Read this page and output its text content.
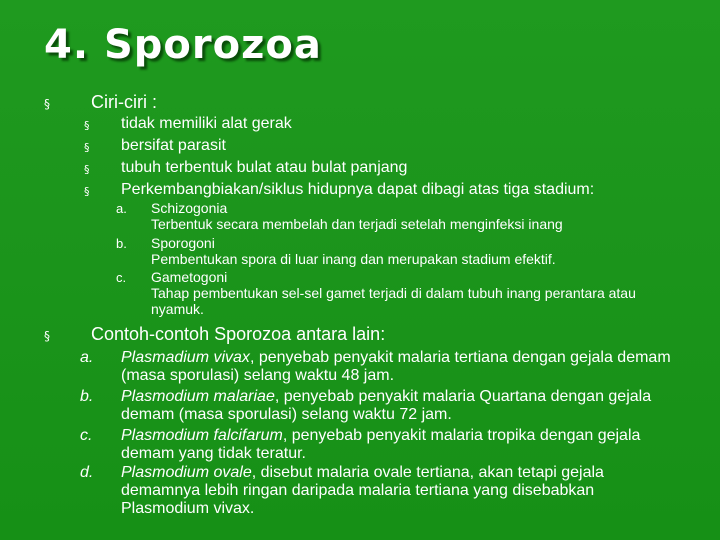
4. Sporozoa
§ Ciri-ciri :
§ tidak memiliki alat gerak
§ bersifat parasit
§ tubuh terbentuk bulat atau bulat panjang
§ Perkembangbiakan/siklus hidupnya dapat dibagi atas tiga stadium:
a. Schizogonia
Terbentuk secara membelah dan terjadi setelah menginfeksi inang
b. Sporogoni
Pembentukan spora di luar inang dan merupakan stadium efektif.
c. Gametogoni
Tahap pembentukan sel-sel gamet terjadi di dalam tubuh inang perantara atau nyamuk.
§ Contoh-contoh Sporozoa antara lain:
a. Plasmadium vivax, penyebab penyakit malaria tertiana dengan gejala demam (masa sporulasi) selang waktu 48 jam.
b. Plasmodium malariae, penyebab penyakit malaria Quartana dengan gejala demam (masa sporulasi) selang waktu 72 jam.
c. Plasmodium falcifarum, penyebab penyakit malaria tropika dengan gejala demam yang tidak teratur.
d. Plasmodium ovale, disebut malaria ovale tertiana, akan tetapi gejala demamnya lebih ringan daripada malaria tertiana yang disebabkan Plasmodium vivax.
